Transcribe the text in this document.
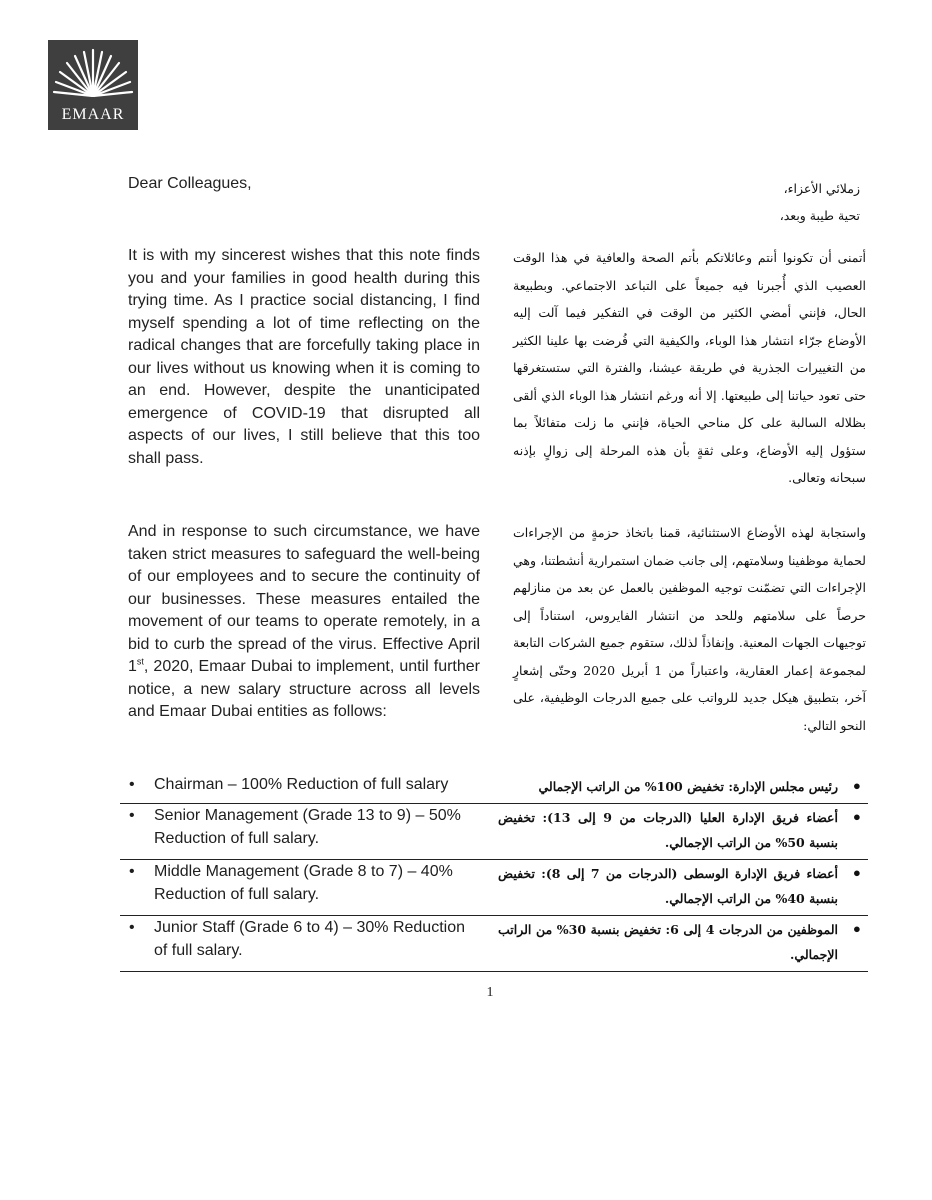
EMAAR
Dear Colleagues,	زملائي الأعزاء،
تحية طيبة وبعد،
It is with my sincerest wishes that this note finds you and your families in good health during this trying time. As I practice social distancing, I find myself spending a lot of time reflecting on the radical changes that are forcefully taking place in our lives without us knowing when it is coming to an end. However, despite the unanticipated emergence of COVID-19 that disrupted all aspects of our lives, I still believe that this too shall pass.
أتمنى أن تكونوا أنتم وعائلاتكم بأتم الصحة والعافية في هذا الوقت العصيب الذي أُجبرنا فيه جميعاً على التباعد الاجتماعي. وبطبيعة الحال، فإنني أمضي الكثير من الوقت في التفكير فيما آلت إليه الأوضاع جرّاء انتشار هذا الوباء، والكيفية التي فُرضت بها علينا الكثير من التغييرات الجذرية في طريقة عيشنا، والفترة التي ستستغرقها حتى تعود حياتنا إلى طبيعتها. إلا أنه ورغم انتشار هذا الوباء الذي ألقى بظلاله السالبة على كل مناحي الحياة، فإنني ما زلت متفائلاً بما ستؤول إليه الأوضاع، وعلى ثقةٍ بأن هذه المرحلة إلى زوالٍ بإذنه سبحانه وتعالى.
And in response to such circumstance, we have taken strict measures to safeguard the well-being of our employees and to secure the continuity of our businesses. These measures entailed the movement of our teams to operate remotely, in a bid to curb the spread of the virus. Effective April 1st, 2020, Emaar Dubai to implement, until further notice, a new salary structure across all levels and Emaar Dubai entities as follows:
واستجابة لهذه الأوضاع الاستثنائية، قمنا باتخاذ حزمةٍ من الإجراءات لحماية موظفينا وسلامتهم، إلى جانب ضمان استمرارية أنشطتنا، وهي الإجراءات التي تضمّنت توجيه الموظفين بالعمل عن بعد من منازلهم حرصاً على سلامتهم وللحد من انتشار الفايروس، استناداً إلى توجيهات الجهات المعنية. وإنفاذاً لذلك، ستقوم جميع الشركات التابعة لمجموعة إعمار العقارية، واعتباراً من 1 أبريل 2020 وحتّى إشعارٍ آخر، بتطبيق هيكل جديد للرواتب على جميع الدرجات الوظيفية، على النحو التالي:
• Chairman – 100% Reduction of full salary	•
رئيس مجلس الإدارة: تخفيض 100% من الراتب الإجمالي
• Senior Management (Grade 13 to 9) – 50% Reduction of full salary.
•
أعضاء فريق الإدارة العليا (الدرجات من 9 إلى 13): تخفيض بنسبة 50% من الراتب الإجمالي.
• Middle Management (Grade 8 to 7) – 40% Reduction of full salary.
•
أعضاء فريق الإدارة الوسطى (الدرجات من 7 إلى 8): تخفيض بنسبة 40% من الراتب الإجمالي.
• Junior Staff (Grade 6 to 4) – 30% Reduction of full salary.
•
الموظفين من الدرجات 4 إلى 6: تخفيض بنسبة 30% من الراتب الإجمالي.
1
